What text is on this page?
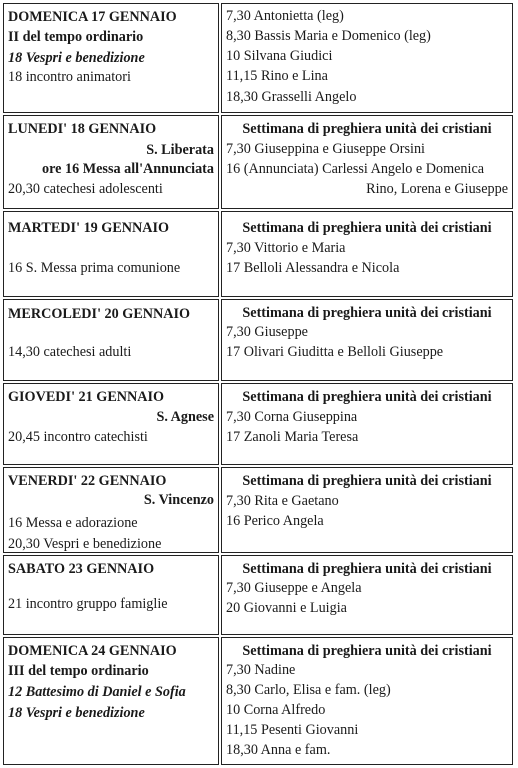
DOMENICA 17 GENNAIO
II del tempo ordinario
18 Vespri e benedizione
18 incontro animatori
7,30 Antonietta (leg)
8,30 Bassis Maria e Domenico (leg)
10 Silvana Giudici
11,15 Rino e Lina
18,30 Grasselli Angelo
LUNEDI' 18 GENNAIO
S. Liberata
ore 16 Messa all'Annunciata
20,30 catechesi adolescenti
Settimana di preghiera unità dei cristiani
7,30 Giuseppina e Giuseppe Orsini
16 (Annunciata) Carlessi Angelo e Domenica
Rino, Lorena e Giuseppe
MARTEDI' 19 GENNAIO
16 S. Messa prima comunione
Settimana di preghiera unità dei cristiani
7,30 Vittorio e Maria
17 Belloli Alessandra e Nicola
MERCOLEDI' 20 GENNAIO
14,30 catechesi adulti
Settimana di preghiera unità dei cristiani
7,30 Giuseppe
17 Olivari Giuditta e Belloli Giuseppe
GIOVEDI' 21 GENNAIO
S. Agnese
20,45 incontro catechisti
Settimana di preghiera unità dei cristiani
7,30 Corna Giuseppina
17 Zanoli Maria Teresa
VENERDI' 22 GENNAIO
S. Vincenzo
16 Messa e adorazione
20,30 Vespri e benedizione
Settimana di preghiera unità dei cristiani
7,30 Rita e Gaetano
16 Perico Angela
SABATO 23 GENNAIO
21 incontro gruppo famiglie
Settimana di preghiera unità dei cristiani
7,30 Giuseppe e Angela
20 Giovanni e Luigia
DOMENICA 24 GENNAIO
III del tempo ordinario
12 Battesimo di Daniel e Sofia
18 Vespri e benedizione
Settimana di preghiera unità dei cristiani
7,30 Nadine
8,30 Carlo, Elisa e fam. (leg)
10 Corna Alfredo
11,15 Pesenti Giovanni
18,30 Anna e fam.
